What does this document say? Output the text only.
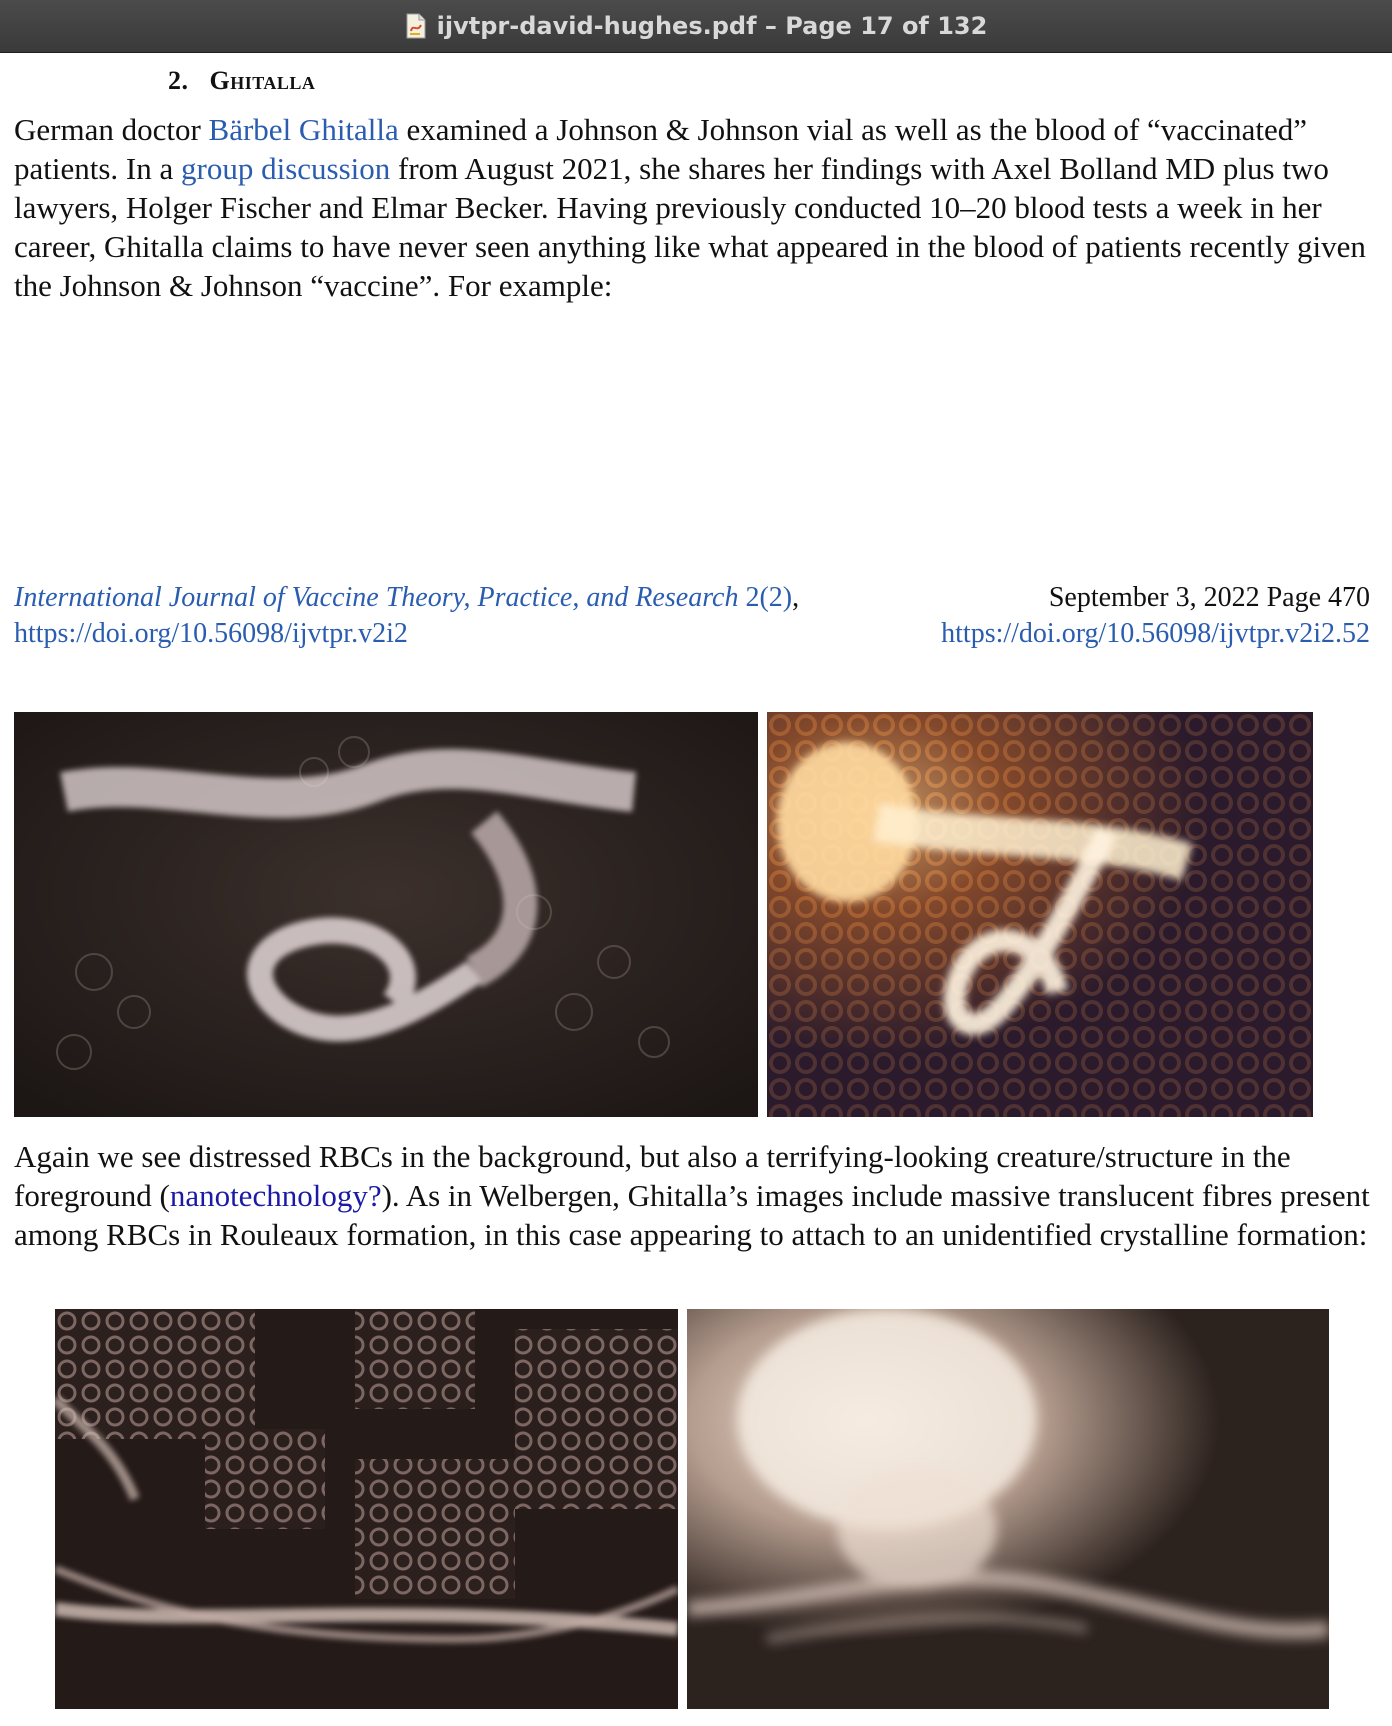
ijvtpr-david-hughes.pdf – Page 17 of 132
2. Ghitalla
German doctor Bärbel Ghitalla examined a Johnson & Johnson vial as well as the blood of “vaccinated” patients. In a group discussion from August 2021, she shares her findings with Axel Bolland MD plus two lawyers, Holger Fischer and Elmar Becker. Having previously conducted 10–20 blood tests a week in her career, Ghitalla claims to have never seen anything like what appeared in the blood of patients recently given the Johnson & Johnson “vaccine”. For example:
International Journal of Vaccine Theory, Practice, and Research 2(2),
https://doi.org/10.56098/ijvtpr.v2i2
September 3, 2022 Page 470
https://doi.org/10.56098/ijvtpr.v2i2.52
Again we see distressed RBCs in the background, but also a terrifying-looking creature/structure in the foreground (nanotechnology?). As in Welbergen, Ghitalla’s images include massive translucent fibres present among RBCs in Rouleaux formation, in this case appearing to attach to an unidentified crystalline formation:
